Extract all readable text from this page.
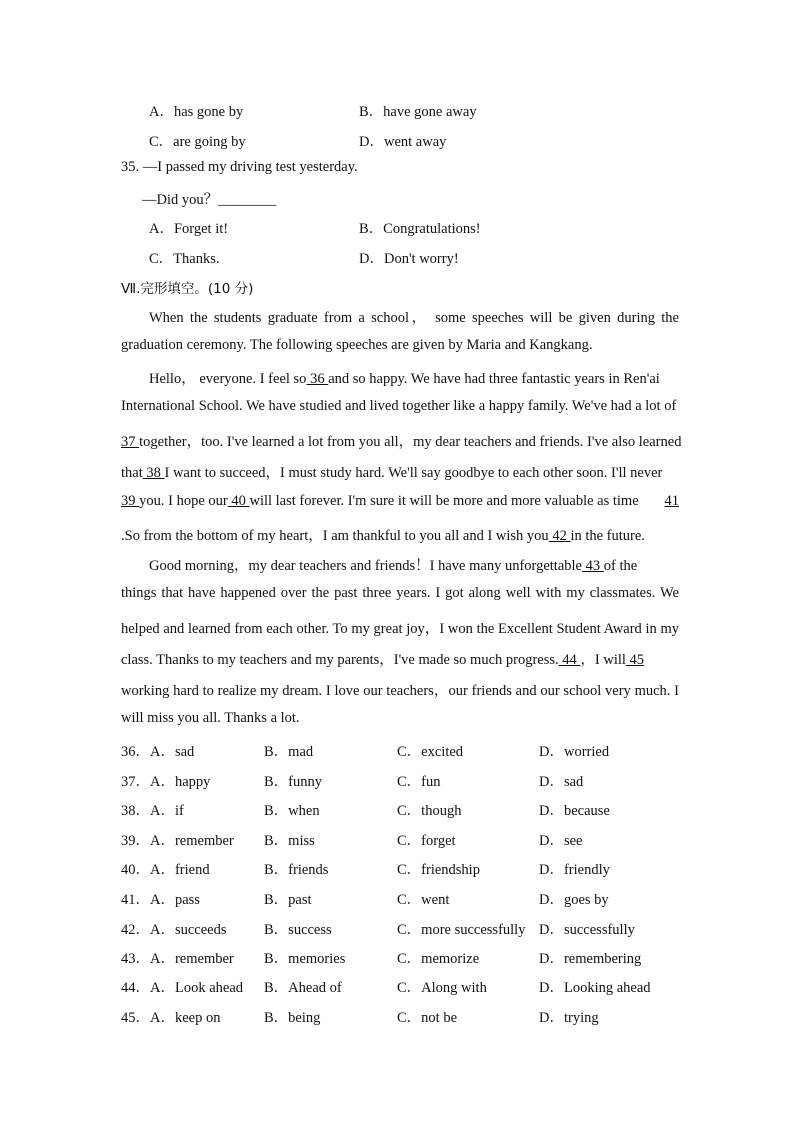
A．has gone by	B．have gone away
C．are going by	D．went away
35. —I passed my driving test yesterday.
—Did you？________
A．Forget it!	B．Congratulations!
C．Thanks.	D．Don't worry!
Ⅶ.完形填空。(10 分)
When the students graduate from a school， some speeches will be given during the
graduation ceremony. The following speeches are given by Maria and Kangkang.
Hello， everyone. I feel so 36 and so happy. We have had three fantastic years in Ren'ai
International School. We have studied and lived together like a happy family. We've had a lot of
37 together，too. I've learned a lot from you all，my dear teachers and friends. I've also learned
that 38 I want to succeed，I must study hard. We'll say goodbye to each other soon. I'll never
39 you. I hope our 40 will last forever. I'm sure it will be more and more valuable as time 41
.So from the bottom of my heart，I am thankful to you all and I wish you 42 in the future.
Good morning，my dear teachers and friends！I have many unforgettable 43 of the
things that have happened over the past three years. I got along well with my classmates. We
helped and learned from each other. To my great joy，I won the Excellent Student Award in my
class. Thanks to my teachers and my parents，I've made so much progress. 44 ，I will 45
working hard to realize my dream. I love our teachers，our friends and our school very much. I
will miss you all. Thanks a lot.
36．A．sad	B．mad	C．excited	D．worried
37．A．happy	B．funny	C．fun	D．sad
38．A．if	B．when	C．though	D．because
39．A．remember B．miss	C．forget	D．see
40．A．friend	B．friends	C．friendship	D．friendly
41．A．pass	B．past	C．went	D．goes by
42．A．succeeds	B．success	C．more successfully D．successfully
43．A．remember B．memories	C．memorize	D．remembering
44．A．Look ahead B．Ahead of	C．Along with	D．Looking ahead
45．A．keep on	B．being	C．not be	D．trying
